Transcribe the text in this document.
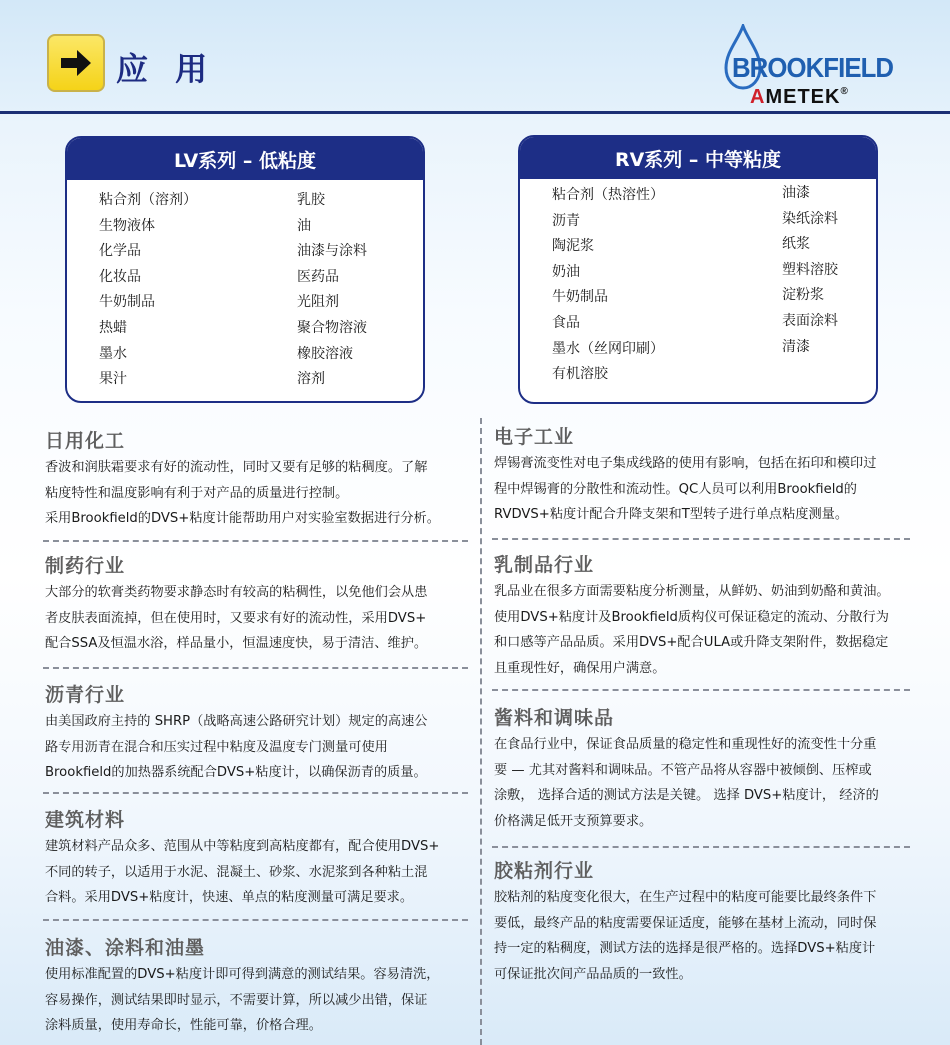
应 用	BROOKFIELD
AMETEK®
LV系列 – 低粘度
粘合剂（溶剂）
生物液体
化学品
化妆品
牛奶制品
热蜡
墨水
果汁
乳胶
油
油漆与涂料
医药品
光阻剂
聚合物溶液
橡胶溶液
溶剂
RV系列 – 中等粘度
粘合剂（热溶性）
沥青
陶泥浆
奶油
牛奶制品
食品
墨水（丝网印刷）
有机溶胶
油漆
染纸涂料
纸浆
塑料溶胶
淀粉浆
表面涂料
清漆
日用化工

香波和润肤霜要求有好的流动性，同时又要有足够的粘稠度。了解

粘度特性和温度影响有利于对产品的质量进行控制。

采用Brookfield的DVS+粘度计能帮助用户对实验室数据进行分析。

制药行业

大部分的软膏类药物要求静态时有较高的粘稠性，以免他们会从患

者皮肤表面流掉，但在使用时，又要求有好的流动性，采用DVS+

配合SSA及恒温水浴，样品量小，恒温速度快，易于清洁、维护。

沥青行业

由美国政府主持的 SHRP（战略高速公路研究计划）规定的高速公

路专用沥青在混合和压实过程中粘度及温度专门测量可使用

Brookfield的加热器系统配合DVS+粘度计，以确保沥青的质量。

建筑材料

建筑材料产品众多、范围从中等粘度到高粘度都有，配合使用DVS+

不同的转子，以适用于水泥、混凝土、砂浆、水泥浆到各种粘土混

合料。采用DVS+粘度计，快速、单点的粘度测量可满足要求。

油漆、涂料和油墨

使用标准配置的DVS+粘度计即可得到满意的测试结果。容易清洗，

容易操作，测试结果即时显示，不需要计算，所以减少出错，保证

涂料质量，使用寿命长，性能可靠，价格合理。

电子工业

焊锡膏流变性对电子集成线路的使用有影响，包括在拓印和模印过

程中焊锡膏的分散性和流动性。QC人员可以利用Brookfield的

RVDVS+粘度计配合升降支架和T型转子进行单点粘度测量。

乳制品行业

乳品业在很多方面需要粘度分析测量，从鲜奶、奶油到奶酪和黄油。

使用DVS+粘度计及Brookfield质构仪可保证稳定的流动、分散行为

和口感等产品品质。采用DVS+配合ULA或升降支架附件，数据稳定

且重现性好，确保用户满意。

酱料和调味品

在食品行业中，保证食品质量的稳定性和重现性好的流变性十分重

要 — 尤其对酱料和调味品。不管产品将从容器中被倾倒、压榨或

涂敷， 选择合适的测试方法是关键。 选择 DVS+粘度计， 经济的

价格满足低开支预算要求。

胶粘剂行业

胶粘剂的粘度变化很大，在生产过程中的粘度可能要比最终条件下

要低，最终产品的粘度需要保证适度，能够在基材上流动，同时保

持一定的粘稠度，测试方法的选择是很严格的。选择DVS+粘度计

可保证批次间产品品质的一致性。
